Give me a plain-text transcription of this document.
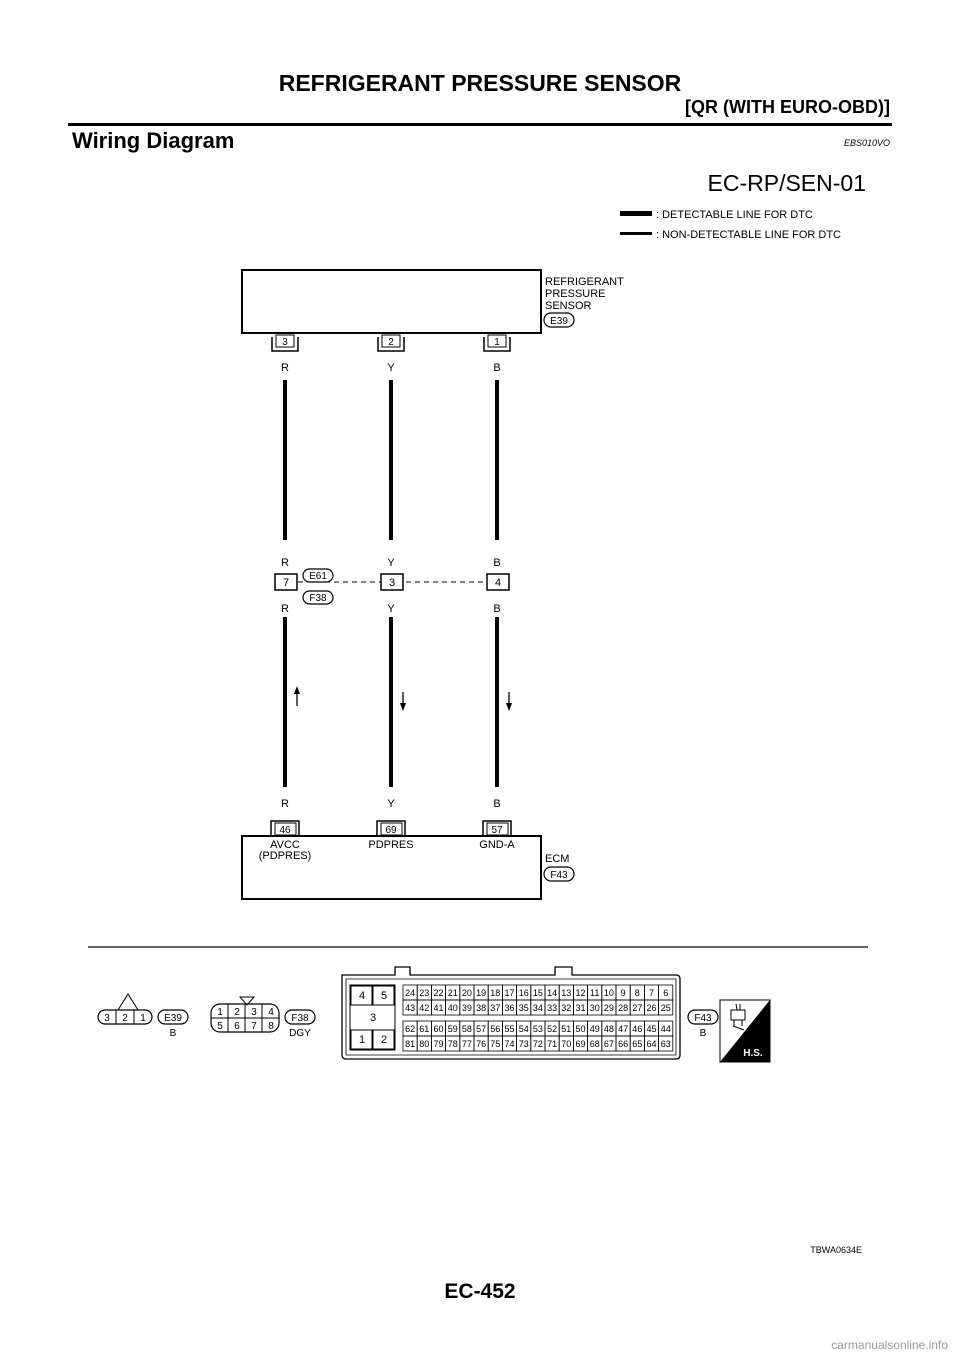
REFRIGERANT PRESSURE SENSOR
[QR (WITH EURO-OBD)]
Wiring Diagram	EBS010VO
EC-RP/SEN-01
: DETECTABLE LINE FOR DTC
: NON-DETECTABLE LINE FOR DTC
REFRIGERANT
PRESSURE
SENSOR
E39
3	2	1
R	Y	B
R	Y	B
7	3	4
E61
F38
R	Y	B
R	Y	B
46	69	57
AVCC
(PDPRES)
PDPRES	GND-A
ECM
F43
3 2 1 E39
B
1 2 3 4
5 6 7 8
F38
DGY
4 5
3
1 2
24 23 22 21 20 19 18 17 16 15 14 13 12 11 10 9 8 7 6
43 42 41 40 39 38 37 36 35 34 33 32 31 30 29 28 27 26 25
62 61 60 59 58 57 56 55 54 53 52 51 50 49 48 47 46 45 44
81 80 79 78 77 76 75 74 73 72 71 70 69 68 67 66 65 64 63
F43
B
H.S.
TBWA0634E
EC-452
carmanualsonline.info
